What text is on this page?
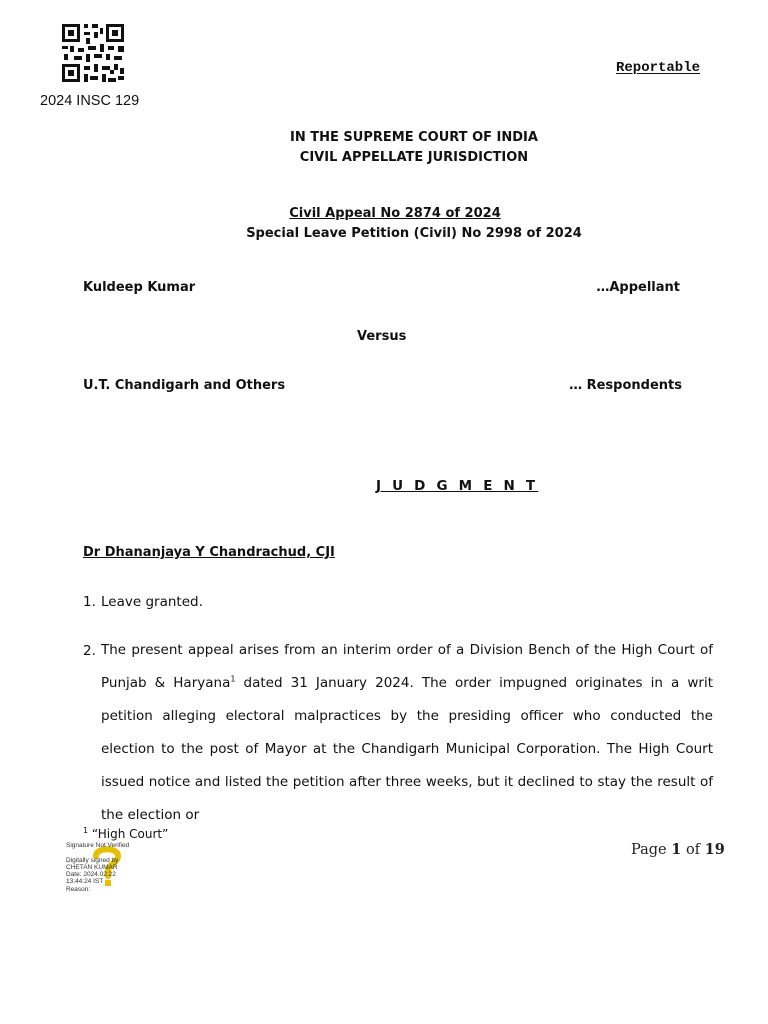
2024 INSC 129
Reportable
IN THE SUPREME COURT OF INDIA
CIVIL APPELLATE JURISDICTION
Civil Appeal No 2874 of 2024
Special Leave Petition (Civil) No 2998 of 2024
Kuldeep Kumar	…Appellant
Versus
U.T. Chandigarh and Others	… Respondents
J U D G M E N T
Dr Dhananjaya Y Chandrachud, CJI
1. Leave granted.
2. The present appeal arises from an interim order of a Division Bench of the High Court of Punjab & Haryana$^1$ dated 31 January 2024. The order impugned originates in a writ petition alleging electoral malpractices by the presiding officer who conducted the election to the post of Mayor at the Chandigarh Municipal Corporation. The High Court issued notice and listed the petition after three weeks, but it declined to stay the result of the election or
$^1$ “High Court”
Signature Not Verified

Digitally signed by
CHETAN KUMAR
Date: 2024.02.22
13:44:24 IST
Reason:
Page 1 of 19
